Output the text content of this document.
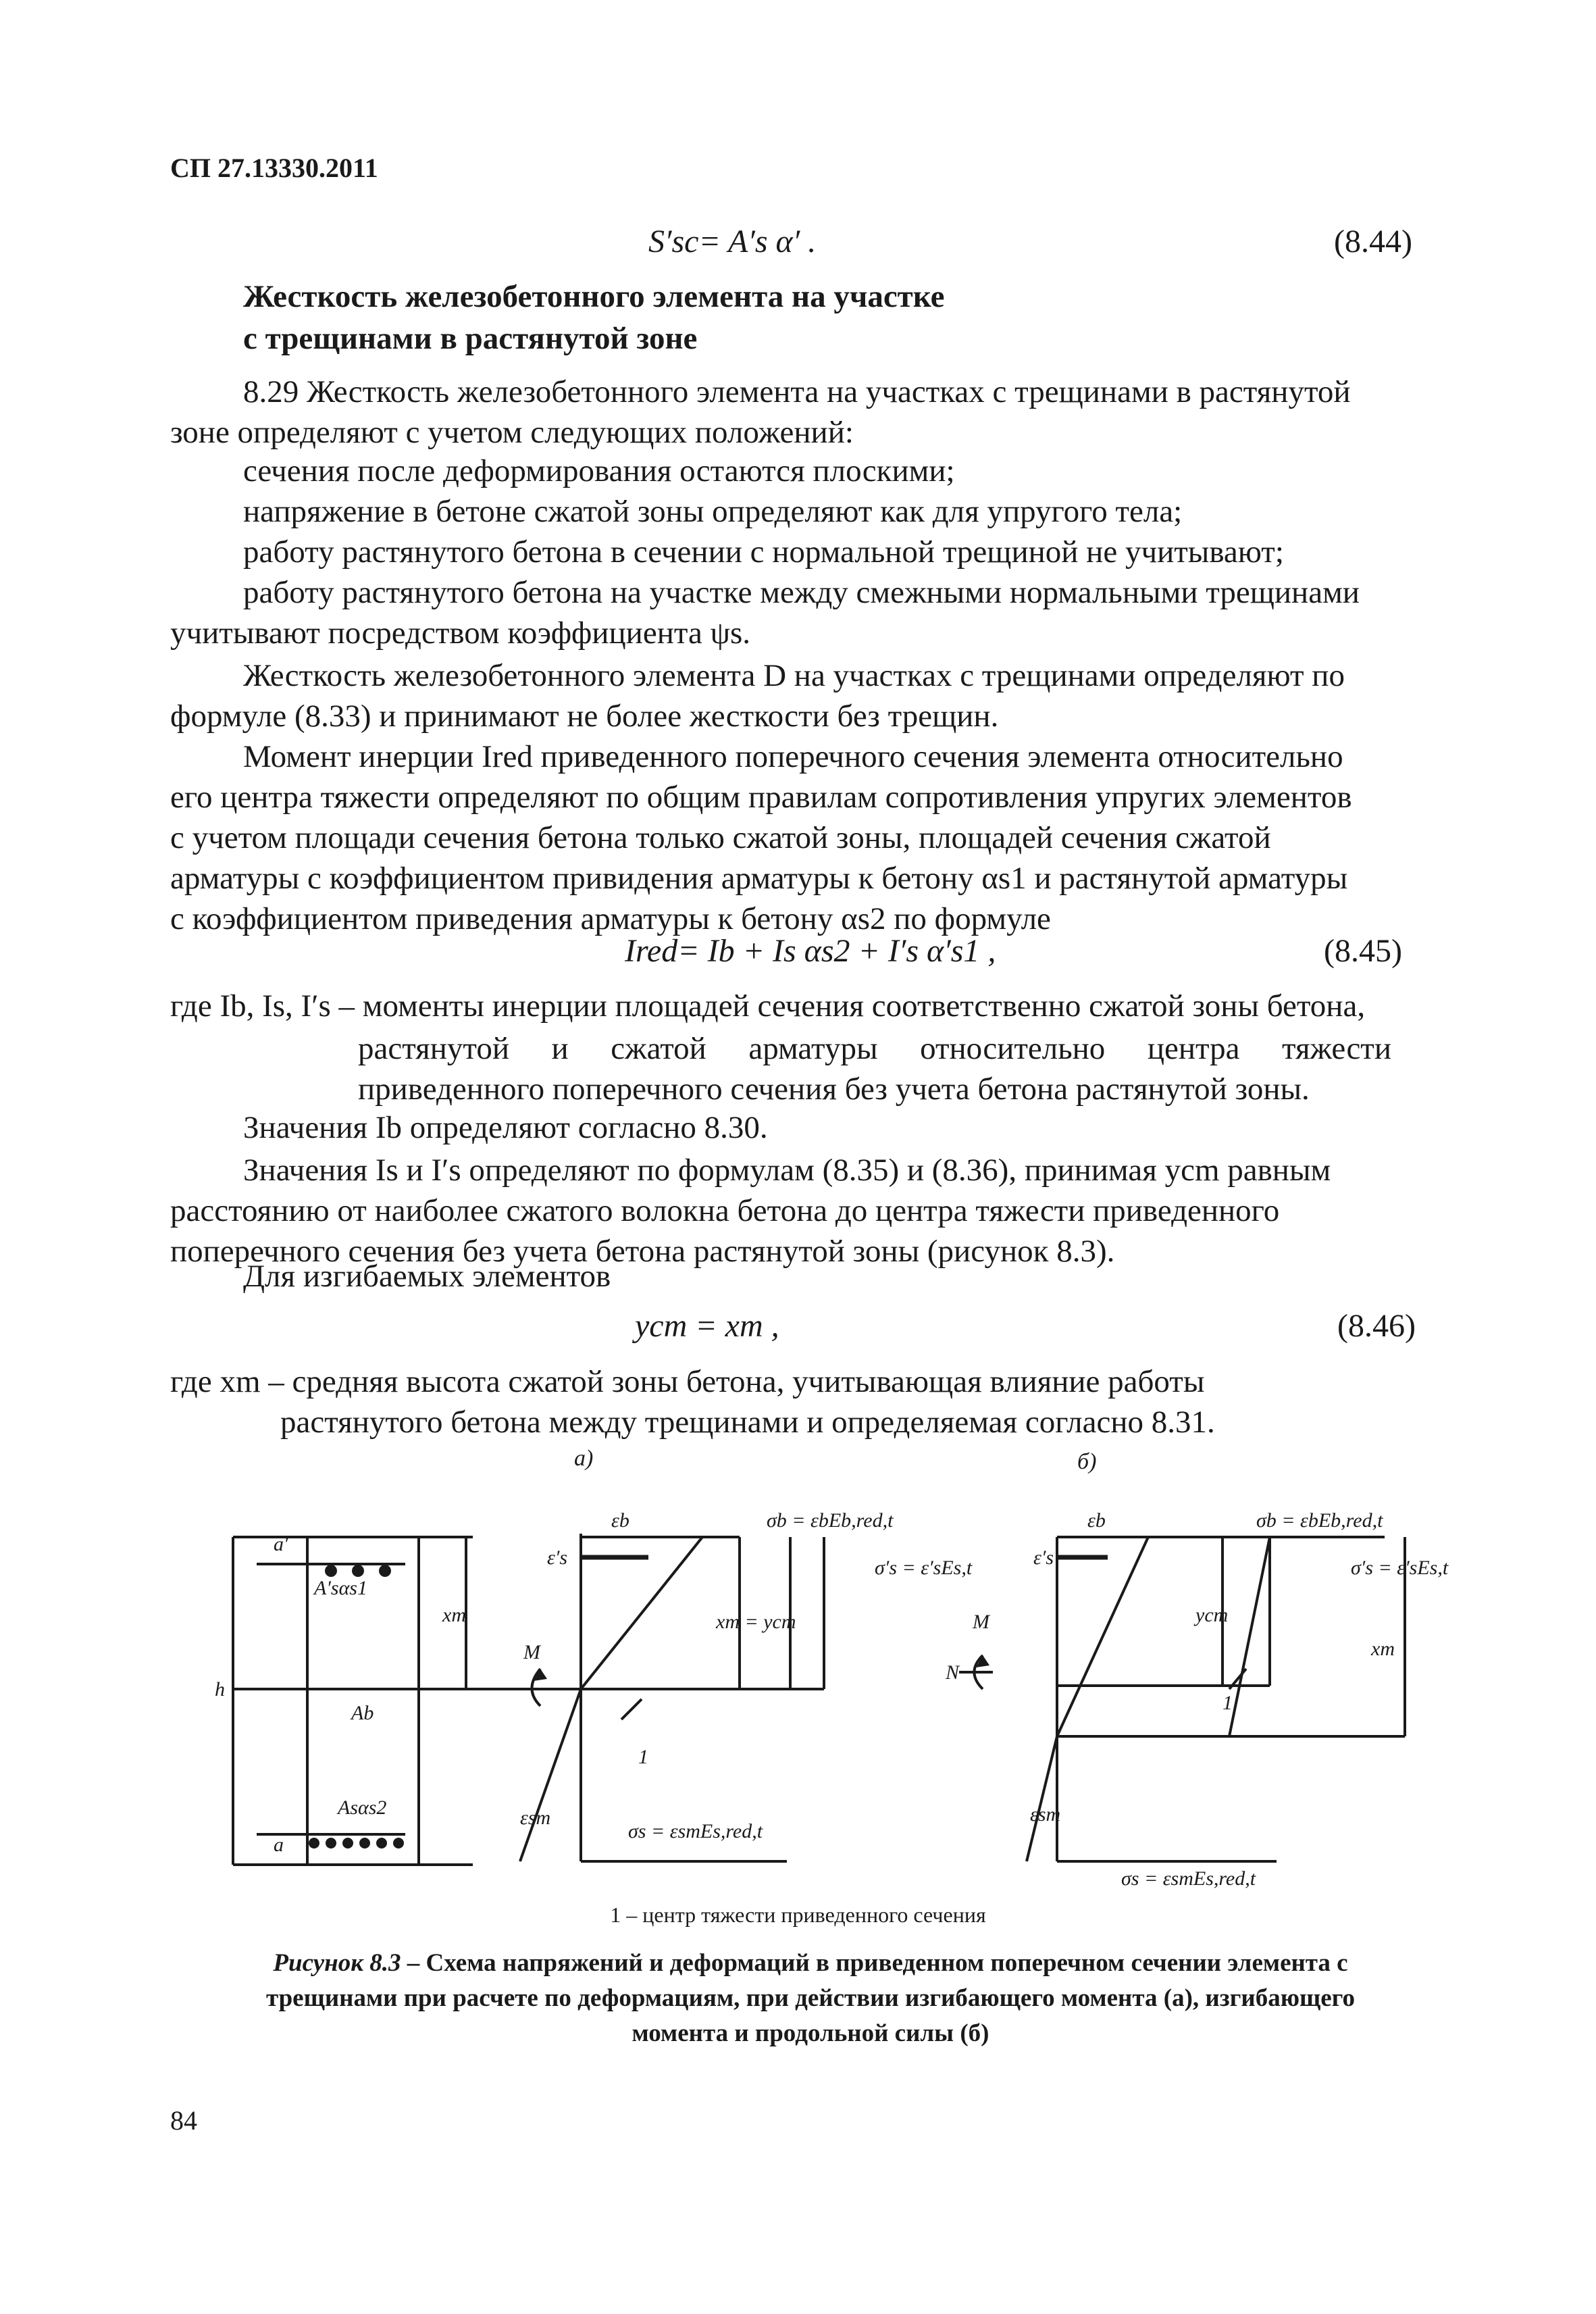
СП 27.13330.2011
S′sc= A′s α′ .	(8.44)
Жесткость железобетонного элемента на участке
с трещинами в растянутой зоне
8.29 Жесткость железобетонного элемента на участках с трещинами в растянутой
зоне определяют с учетом следующих положений:
сечения после деформирования остаются плоскими;
напряжение в бетоне сжатой зоны определяют как для упругого тела;
работу растянутого бетона в сечении с нормальной трещиной не учитывают;
работу растянутого бетона на участке между смежными нормальными трещинами
учитывают посредством коэффициента ψs.
Жесткость железобетонного элемента D на участках с трещинами определяют по
формуле (8.33) и принимают не более жесткости без трещин.
Момент инерции Ired приведенного поперечного сечения элемента относительно
его центра тяжести определяют по общим правилам сопротивления упругих элементов
с учетом площади сечения бетона только сжатой зоны, площадей сечения сжатой
арматуры с коэффициентом привидения арматуры к бетону αs1 и растянутой арматуры
с коэффициентом приведения арматуры к бетону αs2 по формуле
Ired= Ib + Is αs2 + I′s α′s1 ,	(8.45)
где Ib, Is, I′s – моменты инерции площадей сечения соответственно сжатой зоны бетона,
растянутой и сжатой арматуры относительно центра тяжести
приведенного поперечного сечения без учета бетона растянутой зоны.
Значения Ib определяют согласно 8.30.
Значения Is и I′s определяют по формулам (8.35) и (8.36), принимая ycm равным
расстоянию от наиболее сжатого волокна бетона до центра тяжести приведенного
поперечного сечения без учета бетона растянутой зоны (рисунок 8.3).
Для изгибаемых элементов
ycm = xm ,	(8.46)
где xm – средняя высота сжатой зоны бетона, учитывающая влияние работы
растянутого бетона между трещинами и определяемая согласно 8.31.
а)	б)
a′
A′sαs1
xm
h
Ab
Asαs2
a
M
εb
ε′s
σb = εbEb,red,t
σ′s = ε′sEs,t
xm = ycm
1
εsm
σs = εsmEs,red,t
εb
ε′s
σb = εbEb,red,t
σ′s = ε′sEs,t
ycm
xm
M
N
1
εsm
σs = εsmEs,red,t
1 – центр тяжести приведенного сечения
Рисунок 8.3 – Схема напряжений и деформаций в приведенном поперечном сечении элемента с
трещинами при расчете по деформациям, при действии изгибающего момента (а), изгибающего
момента и продольной силы (б)
84
